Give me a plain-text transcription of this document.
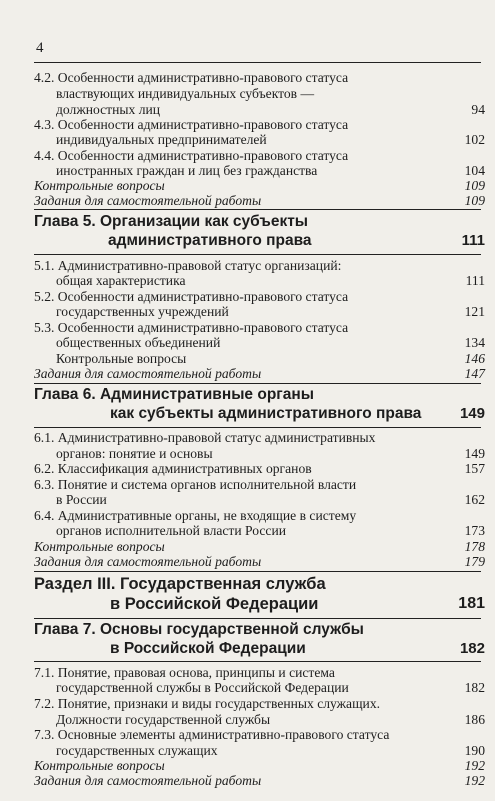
4
4.2. Особенности административно-правового статуса
властвующих индивидуальных субъектов —
должностных лиц	94
4.3. Особенности административно-правового статуса
индивидуальных предпринимателей	102
4.4. Особенности административно-правового статуса
иностранных граждан и лиц без гражданства	104
Контрольные вопросы	109
Задания для самостоятельной работы	109
Глава 5. Организации как субъекты
административного права	111
5.1. Административно-правовой статус организаций:
общая характеристика	111
5.2. Особенности административно-правового статуса
государственных учреждений	121
5.3. Особенности административно-правового статуса
общественных объединений	134
Контрольные вопросы	146
Задания для самостоятельной работы	147
Глава 6. Административные органы
как субъекты административного права	149
6.1. Административно-правовой статус административных
органов: понятие и основы	149
6.2. Классификация административных органов	157
6.3. Понятие и система органов исполнительной власти
в России	162
6.4. Административные органы, не входящие в систему
органов исполнительной власти России	173
Контрольные вопросы	178
Задания для самостоятельной работы	179
Раздел III. Государственная служба
в Российской Федерации	181
Глава 7. Основы государственной службы
в Российской Федерации	182
7.1. Понятие, правовая основа, принципы и система
государственной службы в Российской Федерации	182
7.2. Понятие, признаки и виды государственных служащих.
Должности государственной службы	186
7.3. Основные элементы административно-правового статуса
государственных служащих	190
Контрольные вопросы	192
Задания для самостоятельной работы	192
